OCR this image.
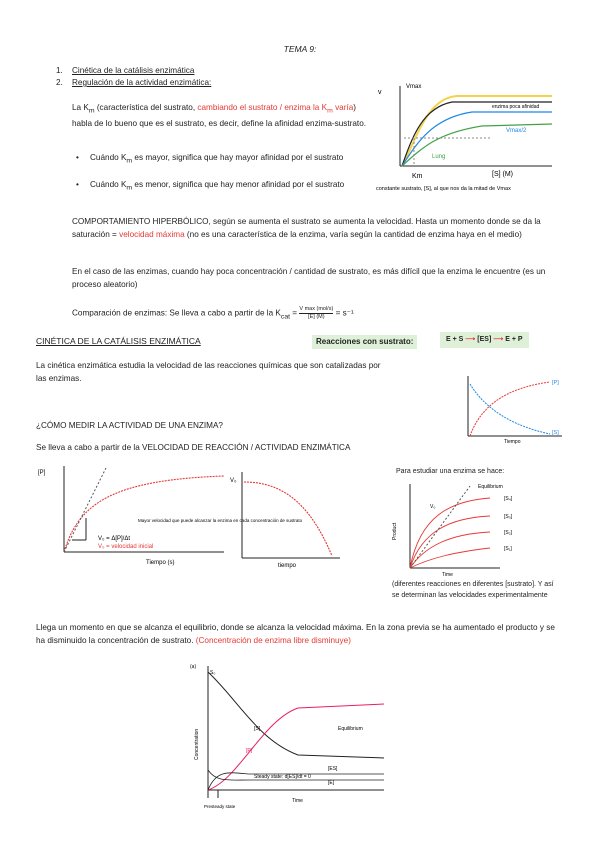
TEMA 9:
1. Cinética de la catálisis enzimática
2. Regulación de la actividad enzimática:
La $K_m$ (característica del sustrato, cambiando el sustrato / enzima la $K_m$ varía) habla de lo bueno que es el sustrato, es decir, define la afinidad enzima-sustrato.
• Cuándo $K_m$ es mayor, significa que hay mayor afinidad por el sustrato
• Cuándo $K_m$ es menor, significa que hay menor afinidad por el sustrato
v
Km	[S] (M)
Vmax
Lung
enzima poca afinidad
Vmax/2
constante sustrato, [S], al que nos da la mitad de Vmax
COMPORTAMIENTO HIPERBÓLICO, según se aumenta el sustrato se aumenta la velocidad. Hasta un momento donde se da la saturación = velocidad máxima (no es una característica de la enzima, varía según la cantidad de enzima haya en el medio)
En el caso de las enzimas, cuando hay poca concentración / cantidad de sustrato, es más difícil que la enzima le encuentre (es un proceso aleatorio)
Comparación de enzimas: Se lleva a cabo a partir de la $K_{cat} = V$ max (mol/s)
[E] (M)	= s⁻¹
CINÉTICA DE LA CATÁLISIS ENZIMÁTICA	Reacciones con sustrato:	E + S ⟶ [ES] ⟶ E + P
La cinética enzimática estudia la velocidad de las reacciones químicas que son catalizadas por las enzimas.
[P]
[S]
Tiempo
¿CÓMO MEDIR LA ACTIVIDAD DE UNA ENZIMA?
Se lleva a cabo a partir de la VELOCIDAD DE REACCIÓN / ACTIVIDAD ENZIMÁTICA
[P]
Tiempo (s)
Mayor velocidad que puede alcanzar la enzima en cada concentración de sustrato
V₀ = Δ[P]/Δt
V₀ = velocidad inicial
V₀
tiempo
Para estudiar una enzima se hace:
Equilibrium
V₀
Product
Time
[S₄]
[S₃]
[S₂]
[S₁]
(diferentes reacciones en diferentes [sustrato]. Y así se determinan las velocidades experimentalmente
Llega un momento en que se alcanza el equilibrio, donde se alcanza la velocidad máxima. En la zona previa se ha aumentado el producto y se ha disminuido la concentración de sustrato. (Concentración de enzima libre disminuye)
(a)
S₀
[S]
[P]
Equilibrium
[ES]
[E]
Steady state: d[ES]/dt = 0
Concentration
Time
Presteady state
